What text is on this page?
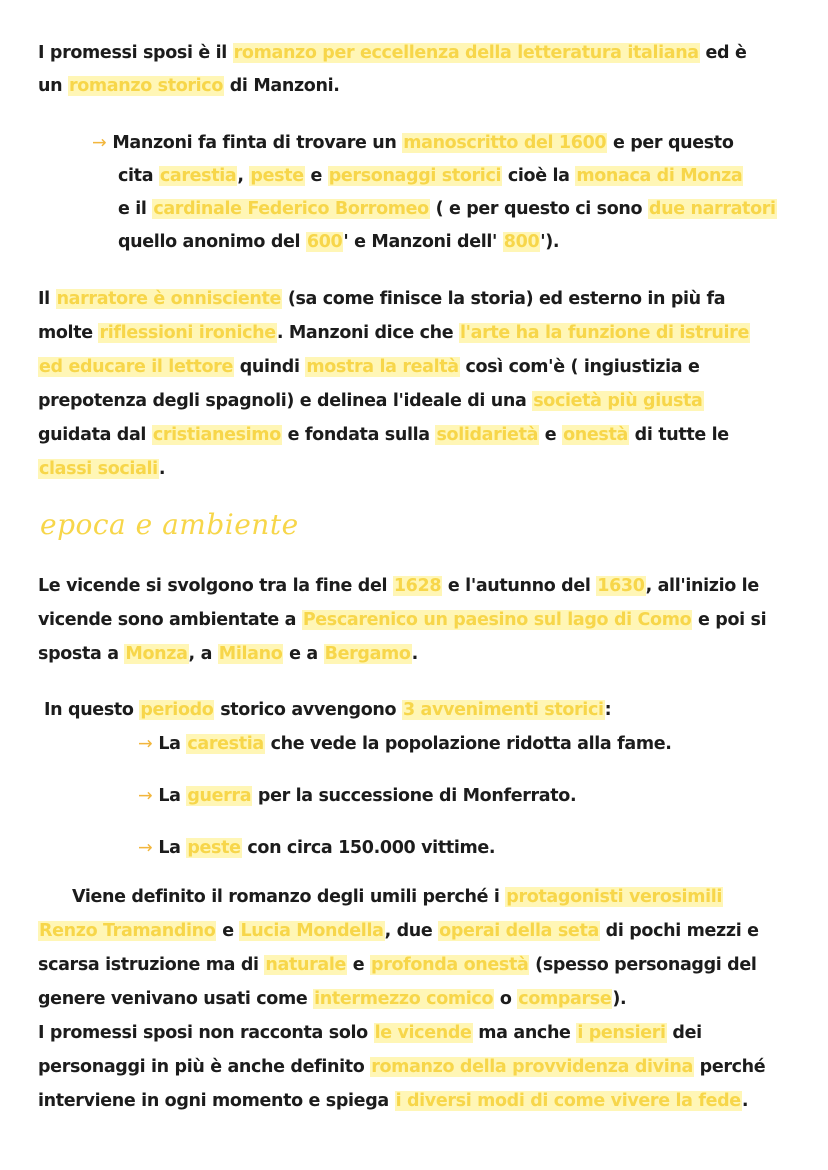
I promessi sposi è il romanzo per eccellenza della letteratura italiana ed è
un romanzo storico di Manzoni.
→ Manzoni fa finta di trovare un manoscritto del 1600 e per questo
cita carestia, peste e personaggi storici cioè la monaca di Monza
e il cardinale Federico Borromeo ( e per questo ci sono due narratori
quello anonimo del 600' e Manzoni dell' 800').
Il narratore è onnisciente (sa come finisce la storia) ed esterno in più fa
molte riflessioni ironiche. Manzoni dice che l'arte ha la funzione di istruire
ed educare il lettore quindi mostra la realtà così com'è ( ingiustizia e
prepotenza degli spagnoli) e delinea l'ideale di una società più giusta
guidata dal cristianesimo e fondata sulla solidarietà e onestà di tutte le
classi sociali.
epoca e ambiente
Le vicende si svolgono tra la fine del 1628 e l'autunno del 1630, all'inizio le
vicende sono ambientate a Pescarenico un paesino sul lago di Como e poi si
sposta a Monza, a Milano e a Bergamo.
In questo periodo storico avvengono 3 avvenimenti storici:
→ La carestia che vede la popolazione ridotta alla fame.
→ La guerra per la successione di Monferrato.
→ La peste con circa 150.000 vittime.
Viene definito il romanzo degli umili perché i protagonisti verosimili
Renzo Tramandino e Lucia Mondella, due operai della seta di pochi mezzi e
scarsa istruzione ma di naturale e profonda onestà (spesso personaggi del
genere venivano usati come intermezzo comico o comparse).
I promessi sposi non racconta solo le vicende ma anche i pensieri dei
personaggi in più è anche definito romanzo della provvidenza divina perché
interviene in ogni momento e spiega i diversi modi di come vivere la fede.
